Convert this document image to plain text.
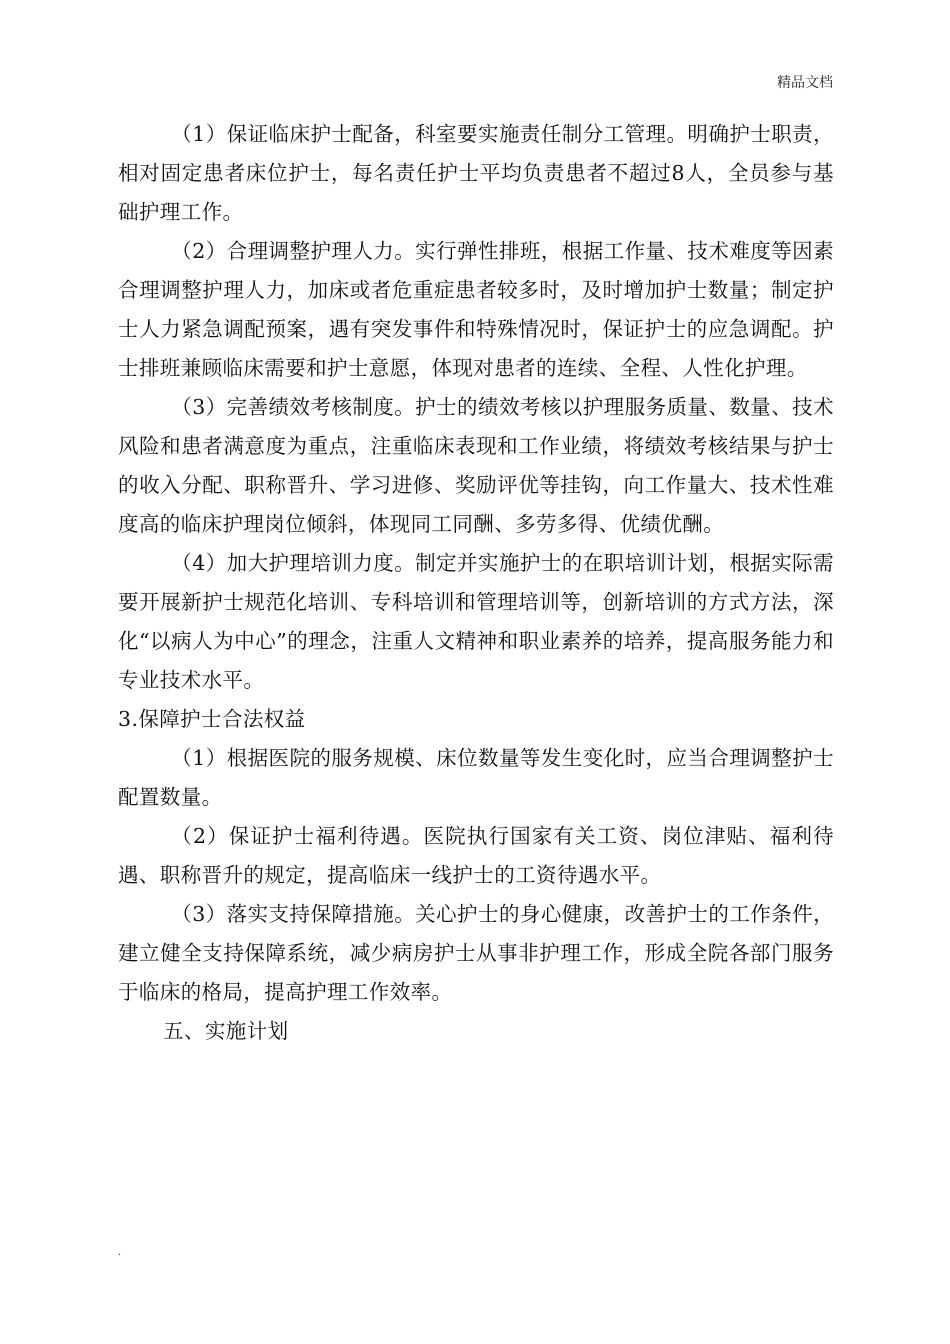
精品文档

（1）保证临床护士配备，科室要实施责任制分工管理。明确护士职责，相对固定患者床位护士，每名责任护士平均负责患者不超过8人，全员参与基础护理工作。

（2）合理调整护理人力。实行弹性排班，根据工作量、技术难度等因素合理调整护理人力，加床或者危重症患者较多时，及时增加护士数量；制定护士人力紧急调配预案，遇有突发事件和特殊情况时，保证护士的应急调配。护士排班兼顾临床需要和护士意愿，体现对患者的连续、全程、人性化护理。

（3）完善绩效考核制度。护士的绩效考核以护理服务质量、数量、技术风险和患者满意度为重点，注重临床表现和工作业绩，将绩效考核结果与护士的收入分配、职称晋升、学习进修、奖励评优等挂钩，向工作量大、技术性难度高的临床护理岗位倾斜，体现同工同酬、多劳多得、优绩优酬。

（4）加大护理培训力度。制定并实施护士的在职培训计划，根据实际需要开展新护士规范化培训、专科培训和管理培训等，创新培训的方式方法，深化“以病人为中心”的理念，注重人文精神和职业素养的培养，提高服务能力和专业技术水平。

3.保障护士合法权益

（1）根据医院的服务规模、床位数量等发生变化时，应当合理调整护士配置数量。

（2）保证护士福利待遇。医院执行国家有关工资、岗位津贴、福利待遇、职称晋升的规定，提高临床一线护士的工资待遇水平。

（3）落实支持保障措施。关心护士的身心健康，改善护士的工作条件，建立健全支持保障系统，减少病房护士从事非护理工作，形成全院各部门服务于临床的格局，提高护理工作效率。

五、实施计划

.
